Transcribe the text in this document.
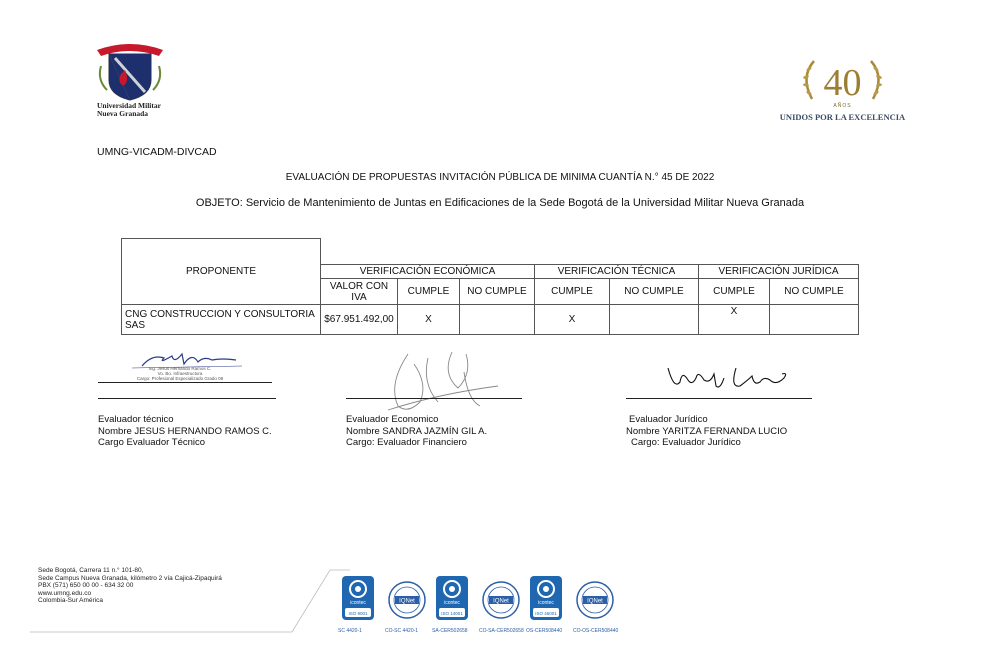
Universidad Militar
Nueva Granada
40
AÑOS
UNIDOS POR LA EXCELENCIA
UMNG-VICADM-DIVCAD
EVALUACIÓN DE PROPUESTAS INVITACIÓN PÚBLICA DE MINIMA CUANTÍA N.° 45 DE 2022
OBJETO: Servicio de Mantenimiento de Juntas en Edificaciones de la Sede Bogotá de la Universidad Militar Nueva Granada
PROPONENTE							
	VERIFICACIÓN ECONÓMICA			VERIFICACIÓN TÉCNICA		VERIFICACIÓN JURÍDICA	
	VALOR CON IVA	CUMPLE	NO CUMPLE	CUMPLE	NO CUMPLE	CUMPLE	NO CUMPLE
CNG CONSTRUCCION Y CONSULTORIA SAS	$67.951.492,00	X		X		X	
Ing. Jesus Hernando Ramos C.
Vo. Bo. Infraestructura
Cargo: Profesional Especializado Grado 08
Evaluador técnico
Nombre JESUS HERNANDO RAMOS C.
Cargo Evaluador Técnico
Evaluador Economico
Nombre SANDRA JAZMÍN GIL A.
Cargo: Evaluador Financiero
Evaluador Jurídico
Nombre YARITZA FERNANDA LUCIO
Cargo: Evaluador Jurídico
Sede Bogotá, Carrera 11 n.° 101-80,
Sede Campus Nueva Granada, kilómetro 2 vía Cajicá-Zipaquirá
PBX (571) 650 00 00 - 634 32 00
www.umng.edu.co
Colombia-Sur América	icontec
ISO 9001
SC 4420-1
IQNet
CO-SC 4420-1
icontec
ISO 14001
SA-CER502658
IQNet
CO-SA-CER502658
icontec
ISO 45001
OS-CER508440
IQNet
CO-OS-CER508440
